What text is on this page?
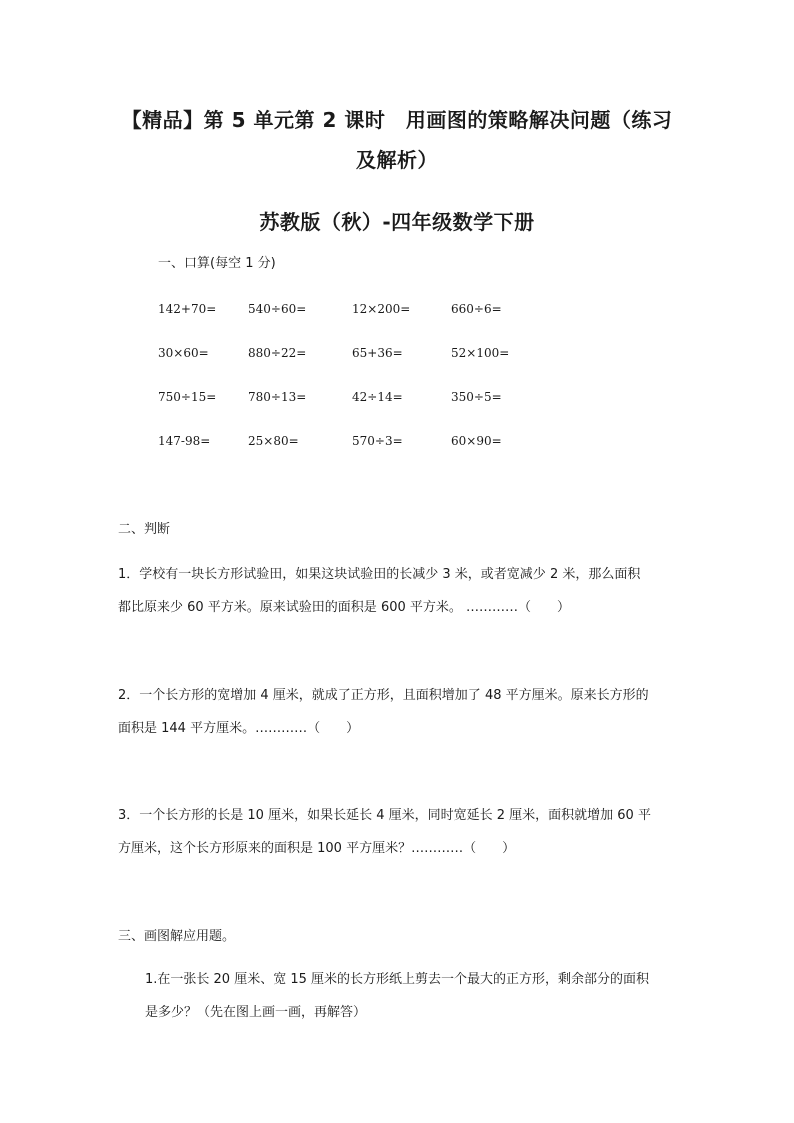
【精品】第 5 单元第 2 课时　用画图的策略解决问题（练习
及解析）
苏教版（秋）-四年级数学下册
一、口算(每空 1 分)
142+70=	540÷60=	12×200=	660÷6=
30×60=	880÷22=	65+36=	52×100=
750÷15=	780÷13=	42÷14=	350÷5=
147-98=	25×80=	570÷3=	60×90=
二、判断
1．学校有一块长方形试验田，如果这块试验田的长减少 3 米，或者宽减少 2 米，那么面积
都比原来少 60 平方米。原来试验田的面积是 600 平方米。 …………（　　）
2．一个长方形的宽增加 4 厘米，就成了正方形，且面积增加了 48 平方厘米。原来长方形的
面积是 144 平方厘米。…………（　　）
3．一个长方形的长是 10 厘米，如果长延长 4 厘米，同时宽延长 2 厘米，面积就增加 60 平
方厘米，这个长方形原来的面积是 100 平方厘米？…………（　　）
三、画图解应用题。
1.在一张长 20 厘米、宽 15 厘米的长方形纸上剪去一个最大的正方形，剩余部分的面积
是多少？（先在图上画一画，再解答）
